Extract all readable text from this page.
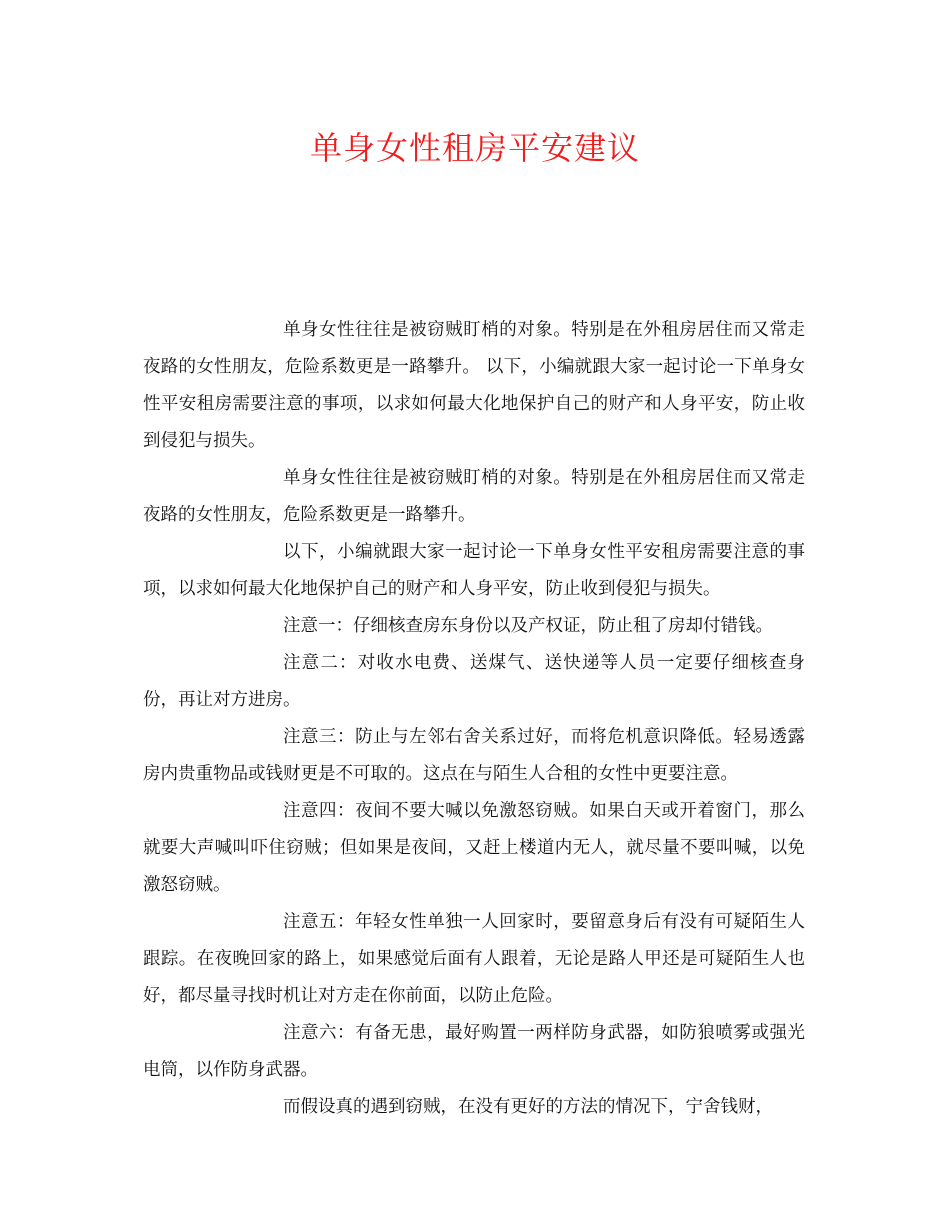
单身女性租房平安建议

单身女性往往是被窃贼盯梢的对象。特别是在外租房居住而又常走夜路的女性朋友，危险系数更是一路攀升。 以下，小编就跟大家一起讨论一下单身女性平安租房需要注意的事项，以求如何最大化地保护自己的财产和人身平安，防止收到侵犯与损失。

单身女性往往是被窃贼盯梢的对象。特别是在外租房居住而又常走夜路的女性朋友，危险系数更是一路攀升。

以下，小编就跟大家一起讨论一下单身女性平安租房需要注意的事项，以求如何最大化地保护自己的财产和人身平安，防止收到侵犯与损失。

注意一：仔细核查房东身份以及产权证，防止租了房却付错钱。

注意二：对收水电费、送煤气、送快递等人员一定要仔细核查身份，再让对方进房。

注意三：防止与左邻右舍关系过好，而将危机意识降低。轻易透露房内贵重物品或钱财更是不可取的。这点在与陌生人合租的女性中更要注意。

注意四：夜间不要大喊以免激怒窃贼。如果白天或开着窗门，那么就要大声喊叫吓住窃贼；但如果是夜间，又赶上楼道内无人，就尽量不要叫喊，以免激怒窃贼。

注意五：年轻女性单独一人回家时，要留意身后有没有可疑陌生人跟踪。在夜晚回家的路上，如果感觉后面有人跟着，无论是路人甲还是可疑陌生人也好，都尽量寻找时机让对方走在你前面，以防止危险。

注意六：有备无患，最好购置一两样防身武器，如防狼喷雾或强光电筒，以作防身武器。

而假设真的遇到窃贼，在没有更好的方法的情况下，宁舍钱财，
